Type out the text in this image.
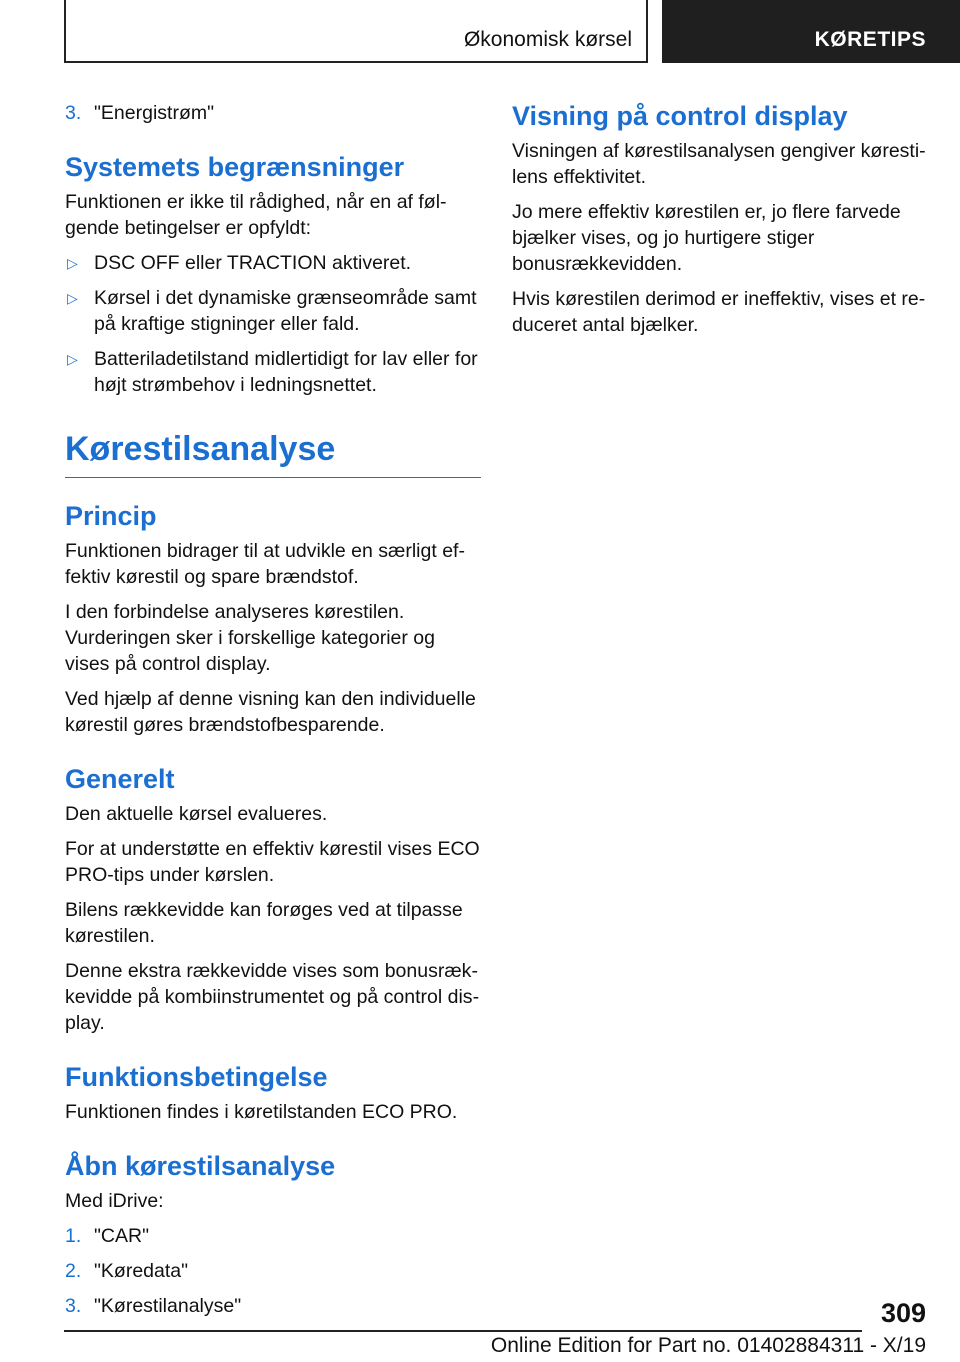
Økonomisk kørsel	KØRETIPS
3. "Energistrøm"
Systemets begrænsninger

Funktionen er ikke til rådighed, når en af følgende betingelser er opfyldt:

▷ DSC OFF eller TRACTION aktiveret.
▷ Kørsel i det dynamiske grænseområde samt på kraftige stigninger eller fald.
▷ Batteriladetilstand midlertidigt for lav eller for højt strømbehov i ledningsnettet.
Kørestilsanalyse
Princip

Funktionen bidrager til at udvikle en særligt effektiv kørestil og spare brændstof.

I den forbindelse analyseres kørestilen. Vurderingen sker i forskellige kategorier og vises på control display.

Ved hjælp af denne visning kan den individuelle kørestil gøres brændstofbesparende.

Generelt

Den aktuelle kørsel evalueres.

For at understøtte en effektiv kørestil vises ECO PRO-tips under kørslen.

Bilens rækkevidde kan forøges ved at tilpasse kørestilen.

Denne ekstra rækkevidde vises som bonusrækkevidde på kombiinstrumentet og på control display.

Funktionsbetingelse

Funktionen findes i køretilstanden ECO PRO.

Åbn kørestilsanalyse

Med iDrive:

1. "CAR"
2. "Køredata"
3. "Kørestilanalyse"
Visning på control display

Visningen af kørestilsanalysen gengiver kørestilens effektivitet.

Jo mere effektiv kørestilen er, jo flere farvede bjælker vises, og jo hurtigere stiger bonusrækkevidden.

Hvis kørestilen derimod er ineffektiv, vises et reduceret antal bjælker.

309
Online Edition for Part no. 01402884311 - X/19
